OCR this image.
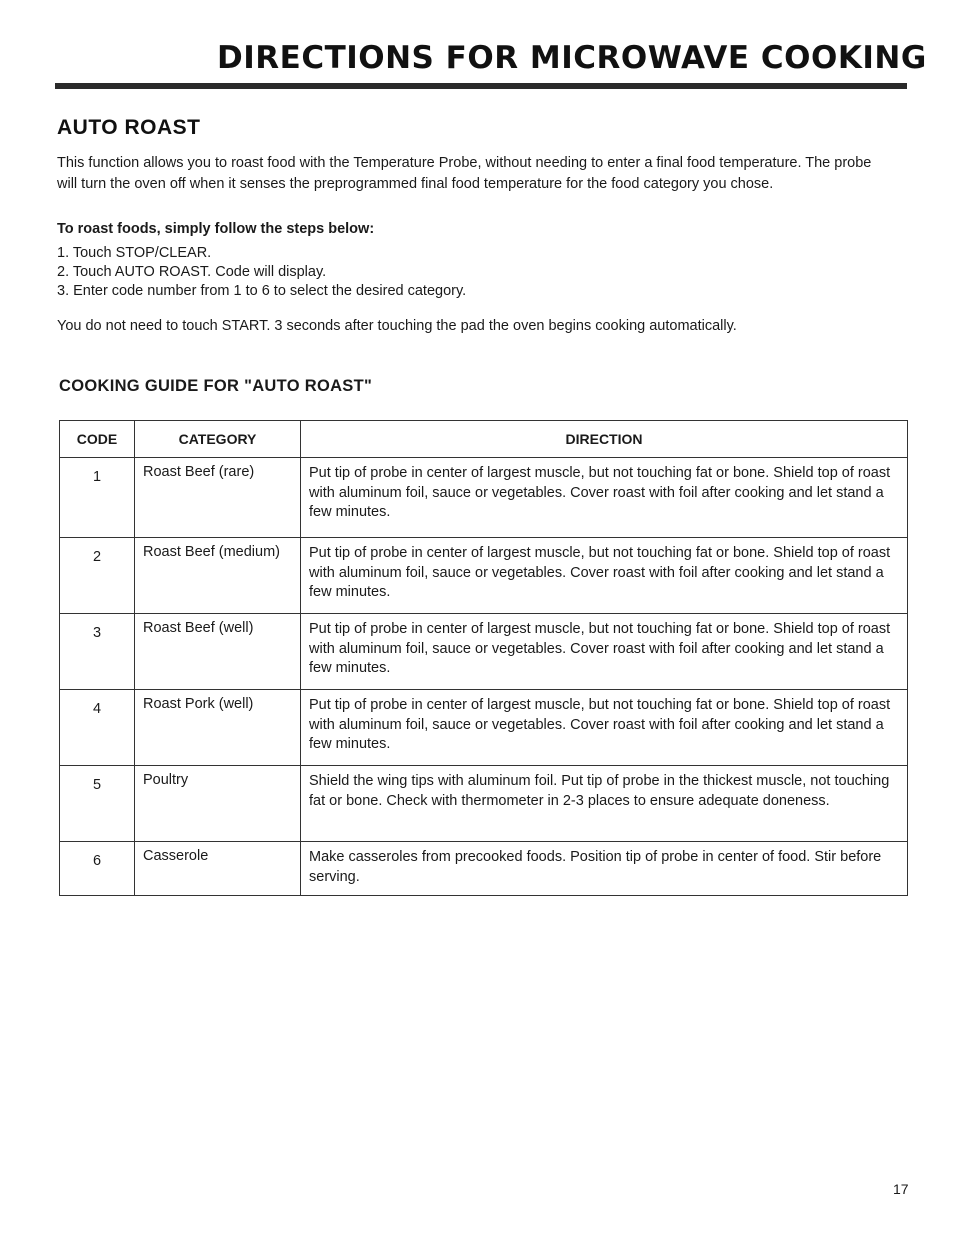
DIRECTIONS FOR MICROWAVE COOKING
AUTO ROAST

This function allows you to roast food with the Temperature Probe, without needing to enter a final food temperature. The probe will turn the oven off when it senses the preprogrammed final food temperature for the food category you chose.

To roast foods, simply follow the steps below:

1. Touch STOP/CLEAR.
2. Touch AUTO ROAST. Code will display.
3. Enter code number from 1 to 6 to select the desired category.

You do not need to touch START. 3 seconds after touching the pad the oven begins cooking automatically.

COOKING GUIDE FOR "AUTO ROAST"
CODE	CATEGORY	DIRECTION
1	Roast Beef (rare)	Put tip of probe in center of largest muscle, but not touching fat or bone. Shield top of roast with aluminum foil, sauce or vegetables. Cover roast with foil after cooking and let stand a few minutes.
2	Roast Beef (medium)	Put tip of probe in center of largest muscle, but not touching fat or bone. Shield top of roast with aluminum foil, sauce or vegetables. Cover roast with foil after cooking and let stand a few minutes.
3	Roast Beef (well)	Put tip of probe in center of largest muscle, but not touching fat or bone. Shield top of roast with aluminum foil, sauce or vegetables. Cover roast with foil after cooking and let stand a few minutes.
4	Roast Pork (well)	Put tip of probe in center of largest muscle, but not touching fat or bone. Shield top of roast with aluminum foil, sauce or vegetables. Cover roast with foil after cooking and let stand a few minutes.
5	Poultry	Shield the wing tips with aluminum foil. Put tip of probe in the thickest muscle, not touching fat or bone. Check with thermometer in 2-3 places to ensure adequate doneness.
6	Casserole	Make casseroles from precooked foods. Position tip of probe in center of food. Stir before serving.

17
